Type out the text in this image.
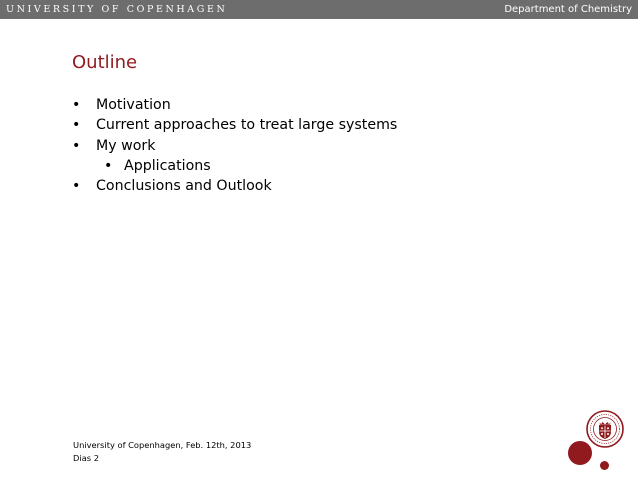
UNIVERSITY OF COPENHAGEN	Department of Chemistry
Outline
• Motivation
• Current approaches to treat large systems
• My work
• Applications
• Conclusions and Outlook
University of Copenhagen, Feb. 12th, 2013
Dias 2
